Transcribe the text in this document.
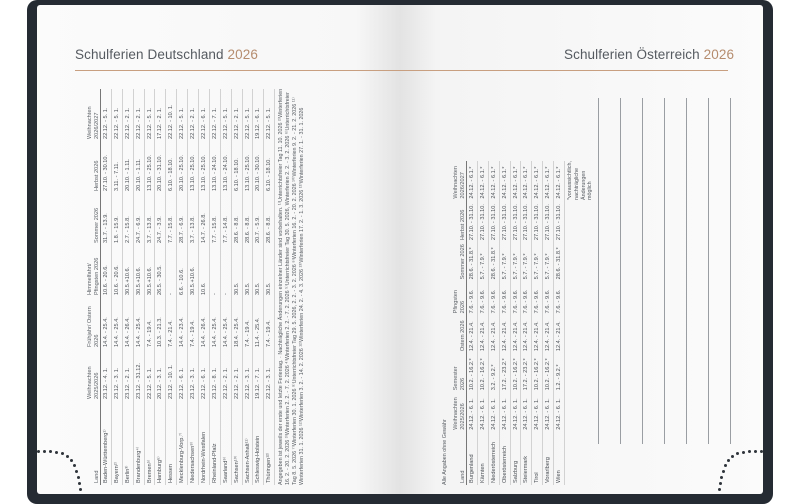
Schulferien Deutschland 2026
Land	Weihnachten 2025/2026	Frühjahr/ Ostern 2026	Himmelfahrt/ Pfingsten 2026	Sommer 2026	Herbst 2026	Weihnachten 2026/2027
Baden-Württemberg¹⁾	23.12. - 4. 1.	14.4. - 25.4.	10.6. - 20.6.	31.7. - 13.9.	27.10. - 30.10.	22.12. - 5. 1.
Bayern²⁾	23.12. - 3. 1.	14.4. - 25.4.	10.6. - 20.6.	1.8. - 15.9.	3.11. - 7.11.	22.12. - 5. 1.
Berlin³⁾	23.12. - 2. 1.	14.4. - 26.4.	30.5.+10.6.	2.7. - 15.8.	20.10. - 1.11.	22.12. - 2. 1.
Brandenburg⁴⁾	23.12. - 31.12.	14.4. - 25.4.	30.5.+10.6.	24.7. - 6.9.	20.10. - 1.11.	22.12. - 2. 1.
Bremen⁵⁾	22.12. - 5. 1.	7.4. - 19.4.	30.5.+10.6.	3.7. - 13.8.	13.10. - 25.10.	22.12. - 5. 1.
Hamburg⁶⁾	20.12. - 3. 1.	10.3. - 21.3.	26.5. - 30.5.	24.7. - 3.9.	20.10. - 31.10.	17.12. - 2. 1.
Hessen	23.12. - 10. 1.	7.4. - 21.4.	-	7.7. - 15.8.	6.10. - 18.10.	22.12. - 10. 1.
Mecklenburg-Vorp.⁷⁾	22.12. - 6. 1.	14.4. - 23.4.	6.6. - 10.6.	28.7. - 6.9.	20.10. - 25.10.	22.12. - 5. 1.
Niedersachsen⁸⁾	23.12. - 3. 1.	7.4. - 19.4.	30.5.+10.6.	3.7. - 13.8.	13.10. - 25.10.	22.12. - 2. 1.
Nordrhein-Westfalen	22.12. - 6. 1.	14.4. - 26.4.	10.6.	14.7. - 26.8.	13.10. - 25.10.	22.12. - 6. 1.
Rheinland-Pfalz	23.12. - 8. 1.	14.4. - 25.4.	-	7.7. - 15.8.	13.10. - 24.10.	22.12. - 7. 1.
Saarland⁹⁾	22.12. - 2. 1.	14.4. - 25.4.	-	7.7. - 14.8.	13.10. - 24.10.	22.12. - 5. 1.
Sachsen¹⁰⁾	22.12. - 2. 1.	18.4. - 25.4.	30.5.	28.6. - 8.8.	6.10. - 18.10.	22.12. - 2. 1.
Sachsen-Anhalt¹¹⁾	22.12. - 3. 1.	7.4. - 19.4.	30.5.	28.6. - 8.8.	13.10. - 25.10.	22.12. - 5. 1.
Schleswig-Holstein	19.12. - 7. 1.	11.4. - 25.4.	30.5.	20.7. - 5.9.	20.10. - 30.10.	19.12. - 6. 1.
Thüringen¹²⁾	22.12. - 3. 1.	7.4. - 19.4.	30.5.	28.6. - 8.8.	6.10. - 18.10.	22.12. - 5. 1. Angegeben ist jeweils der erste und letzte Ferientag. · Nachträgliche Änderungen einzelner Länder sind vorbehalten. ¹⁾Unterrichtsfreier Tag 11. 10. 2026 ²⁾Winterferien 16. 2. - 20. 2. 2026 ³⁾Winterferien 2. 2. - 7. 2. 2026 ⁴⁾Winterferien 2. 2. - 7. 2. 2026 ⁵⁾Unterrichtsfreier Tag 30. 5. 2026, Winterferien 2. 2. - 3. 2. 2026 ⁶⁾Unterrichtsfreier Tag 8. 5. 2026 ⁷⁾Winterferien 30. 1. 2026 ⁸⁾Unterrichtsfreier Tag 29. 5. 2026, 2. 2. - 3. 2. 2026 ⁹⁾Winterferien 16. 2. - 20. 2. 2026 ¹⁰⁾Winterferien 9. 2. - 21. 2. 2026 ¹¹⁾Winterferien 31. 1. 2026 ¹²⁾Winterferien 3. 2. - 14. 2. 2026 ¹²⁾Winterferien 24. 2. - 4. 3. 2026 ¹³⁾Winterferien 17. 2. - 1. 3. 2026 ¹³⁾Winterferien 27. 1. - 31. 1. 2026
Schulferien Österreich 2026
Land	Weihnachten 2025/2026	Semester 2026	Ostern 2026	Pfingsten 2026	Sommer 2026	Herbst 2026	Weihnachten 2026/2027
Burgenland	24.12. - 6. 1.	10.2. - 16.2.*	12.4. - 21.4.	7.6. - 9.6.	28.6. - 31.8.*	27.10. - 31.10.	24.12. - 6.1.*
Kärnten	24.12. - 6. 1.	10.2. - 16.2.*	12.4. - 21.4.	7.6. - 9.6.	5.7. - 7.9.*	27.10. - 31.10.	24.12. - 6.1.*
Niederösterreich	24.12. - 6. 1.	3.2. - 9.2.*	12.4. - 21.4.	7.6. - 9.6.	28.6. - 31.8.*	27.10. - 31.10.	24.12. - 6.1.*
Oberösterreich	24.12. - 6. 1.	17.2. - 23.2.*	12.4. - 21.4.	7.6. - 9.6.	5.7. - 7.9.*	27.10. - 31.10.	24.12. - 6.1.*
Salzburg	24.12. - 6. 1.	10.2. - 16.2.*	12.4. - 21.4.	7.6. - 9.6.	5.7. - 7.9.*	27.10. - 31.10.	24.12. - 6.1.*
Steiermark	24.12. - 6. 1.	17.2. - 23.2.*	12.4. - 21.4.	7.6. - 9.6.	5.7. - 7.9.*	27.10. - 31.10.	24.12. - 6.1.*
Tirol	24.12. - 6. 1.	10.2. - 16.2.*	12.4. - 21.4.	7.6. - 9.6.	5.7. - 7.9.*	27.10. - 31.10.	24.12. - 6.1.*
Vorarlberg	24.12. - 6. 1.	10.2. - 16.2.*	12.4. - 21.4.	7.6. - 9.6.	5.7. - 7.9.*	27.10. - 31.10.	24.12. - 6.1.*
Wien	24.12. - 6. 1.	1.2. - 9.2.*	12.4. - 21.4.	7.6. - 9.6.	28.6. - 31.8.*	27.10. - 31.10.	24.12. - 6.1.* *voraussichtlich, nachträgliche Änderungen möglich
Alle Angaben ohne Gewähr
